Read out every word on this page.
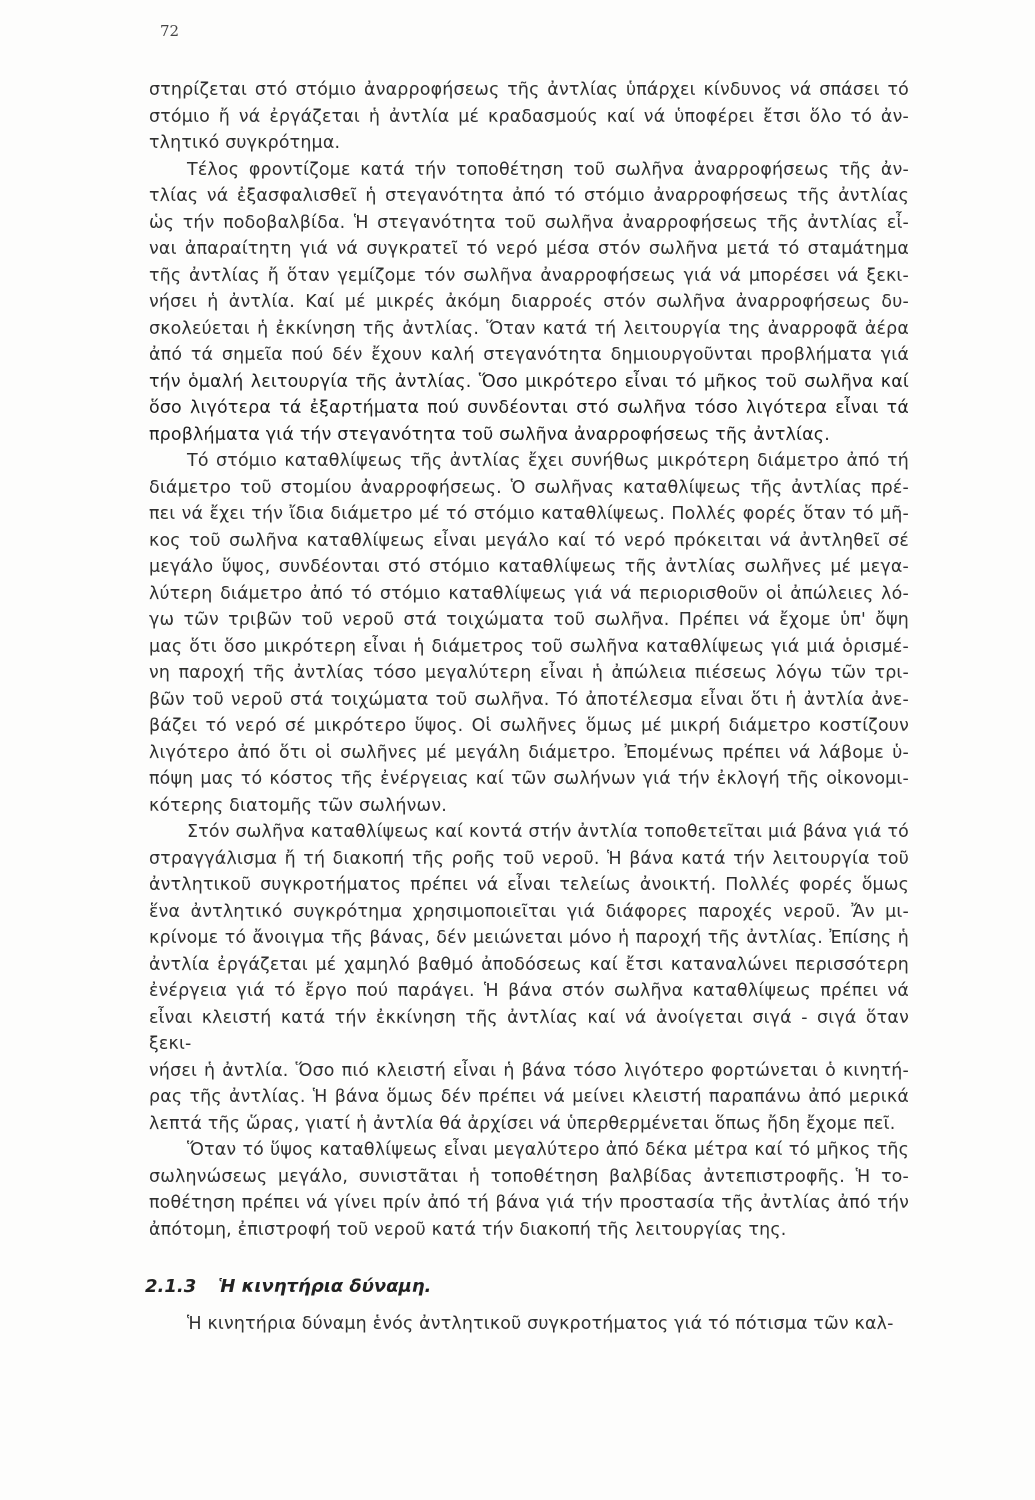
72

στηρίζεται στό στόμιο ἀναρροφήσεως τῆς ἀντλίας ὑπάρχει κίνδυνος νά σπάσει τό
στόμιο ἤ νά ἐργάζεται ἡ ἀντλία μέ κραδασμούς καί νά ὑποφέρει ἔτσι ὅλο τό ἀν-
τλητικό συγκρότημα.

Τέλος φροντίζομε κατά τήν τοποθέτηση τοῦ σωλῆνα ἀναρροφήσεως τῆς ἀν-
τλίας νά ἐξασφαλισθεῖ ἡ στεγανότητα ἀπό τό στόμιο ἀναρροφήσεως τῆς ἀντλίας
ὡς τήν ποδοβαλβίδα. Ἡ στεγανότητα τοῦ σωλῆνα ἀναρροφήσεως τῆς ἀντλίας εἶ-
ναι ἀπαραίτητη γιά νά συγκρατεῖ τό νερό μέσα στόν σωλῆνα μετά τό σταμάτημα
τῆς ἀντλίας ἤ ὅταν γεμίζομε τόν σωλῆνα ἀναρροφήσεως γιά νά μπορέσει νά ξεκι-
νήσει ἡ ἀντλία. Καί μέ μικρές ἀκόμη διαρροές στόν σωλῆνα ἀναρροφήσεως δυ-
σκολεύεται ἡ ἐκκίνηση τῆς ἀντλίας. Ὅταν κατά τή λειτουργία της ἀναρροφᾶ ἀέρα
ἀπό τά σημεῖα πού δέν ἔχουν καλή στεγανότητα δημιουργοῦνται προβλήματα γιά
τήν ὁμαλή λειτουργία τῆς ἀντλίας. Ὅσο μικρότερο εἶναι τό μῆκος τοῦ σωλῆνα καί
ὅσο λιγότερα τά ἐξαρτήματα πού συνδέονται στό σωλῆνα τόσο λιγότερα εἶναι τά
προβλήματα γιά τήν στεγανότητα τοῦ σωλῆνα ἀναρροφήσεως τῆς ἀντλίας.

Τό στόμιο καταθλίψεως τῆς ἀντλίας ἔχει συνήθως μικρότερη διάμετρο ἀπό τή
διάμετρο τοῦ στομίου ἀναρροφήσεως. Ὁ σωλῆνας καταθλίψεως τῆς ἀντλίας πρέ-
πει νά ἔχει τήν ἴδια διάμετρο μέ τό στόμιο καταθλίψεως. Πολλές φορές ὅταν τό μῆ-
κος τοῦ σωλῆνα καταθλίψεως εἶναι μεγάλο καί τό νερό πρόκειται νά ἀντληθεῖ σέ
μεγάλο ὕψος, συνδέονται στό στόμιο καταθλίψεως τῆς ἀντλίας σωλῆνες μέ μεγα-
λύτερη διάμετρο ἀπό τό στόμιο καταθλίψεως γιά νά περιορισθοῦν οἱ ἀπώλειες λό-
γω τῶν τριβῶν τοῦ νεροῦ στά τοιχώματα τοῦ σωλῆνα. Πρέπει νά ἔχομε ὑπ' ὄψη
μας ὅτι ὅσο μικρότερη εἶναι ἡ διάμετρος τοῦ σωλῆνα καταθλίψεως γιά μιά ὁρισμέ-
νη παροχή τῆς ἀντλίας τόσο μεγαλύτερη εἶναι ἡ ἀπώλεια πιέσεως λόγω τῶν τρι-
βῶν τοῦ νεροῦ στά τοιχώματα τοῦ σωλῆνα. Τό ἀποτέλεσμα εἶναι ὅτι ἡ ἀντλία ἀνε-
βάζει τό νερό σέ μικρότερο ὕψος. Οἱ σωλῆνες ὅμως μέ μικρή διάμετρο κοστίζουν
λιγότερο ἀπό ὅτι οἱ σωλῆνες μέ μεγάλη διάμετρο. Ἐπομένως πρέπει νά λάβομε ὑ-
πόψη μας τό κόστος τῆς ἐνέργειας καί τῶν σωλήνων γιά τήν ἐκλογή τῆς οἰκονομι-
κότερης διατομῆς τῶν σωλήνων.

Στόν σωλῆνα καταθλίψεως καί κοντά στήν ἀντλία τοποθετεῖται μιά βάνα γιά τό
στραγγάλισμα ἤ τή διακοπή τῆς ροῆς τοῦ νεροῦ. Ἡ βάνα κατά τήν λειτουργία τοῦ
ἀντλητικοῦ συγκροτήματος πρέπει νά εἶναι τελείως ἀνοικτή. Πολλές φορές ὅμως
ἕνα ἀντλητικό συγκρότημα χρησιμοποιεῖται γιά διάφορες παροχές νεροῦ. Ἄν μι-
κρίνομε τό ἄνοιγμα τῆς βάνας, δέν μειώνεται μόνο ἡ παροχή τῆς ἀντλίας. Ἐπίσης ἡ
ἀντλία ἐργάζεται μέ χαμηλό βαθμό ἀποδόσεως καί ἔτσι καταναλώνει περισσότερη
ἐνέργεια γιά τό ἔργο πού παράγει. Ἡ βάνα στόν σωλῆνα καταθλίψεως πρέπει νά
εἶναι κλειστή κατά τήν ἐκκίνηση τῆς ἀντλίας καί νά ἀνοίγεται σιγά - σιγά ὅταν ξεκι-
νήσει ἡ ἀντλία. Ὅσο πιό κλειστή εἶναι ἡ βάνα τόσο λιγότερο φορτώνεται ὁ κινητή-
ρας τῆς ἀντλίας. Ἡ βάνα ὅμως δέν πρέπει νά μείνει κλειστή παραπάνω ἀπό μερικά
λεπτά τῆς ὥρας, γιατί ἡ ἀντλία θά ἀρχίσει νά ὑπερθερμένεται ὅπως ἤδη ἔχομε πεῖ.

Ὅταν τό ὕψος καταθλίψεως εἶναι μεγαλύτερο ἀπό δέκα μέτρα καί τό μῆκος τῆς
σωληνώσεως μεγάλο, συνιστᾶται ἡ τοποθέτηση βαλβίδας ἀντεπιστροφῆς. Ἡ το-
ποθέτηση πρέπει νά γίνει πρίν ἀπό τή βάνα γιά τήν προστασία τῆς ἀντλίας ἀπό τήν
ἀπότομη, ἐπιστροφή τοῦ νεροῦ κατά τήν διακοπή τῆς λειτουργίας της.

2.1.3 Ἡ κινητήρια δύναμη.

Ἡ κινητήρια δύναμη ἑνός ἀντλητικοῦ συγκροτήματος γιά τό πότισμα τῶν καλ-
